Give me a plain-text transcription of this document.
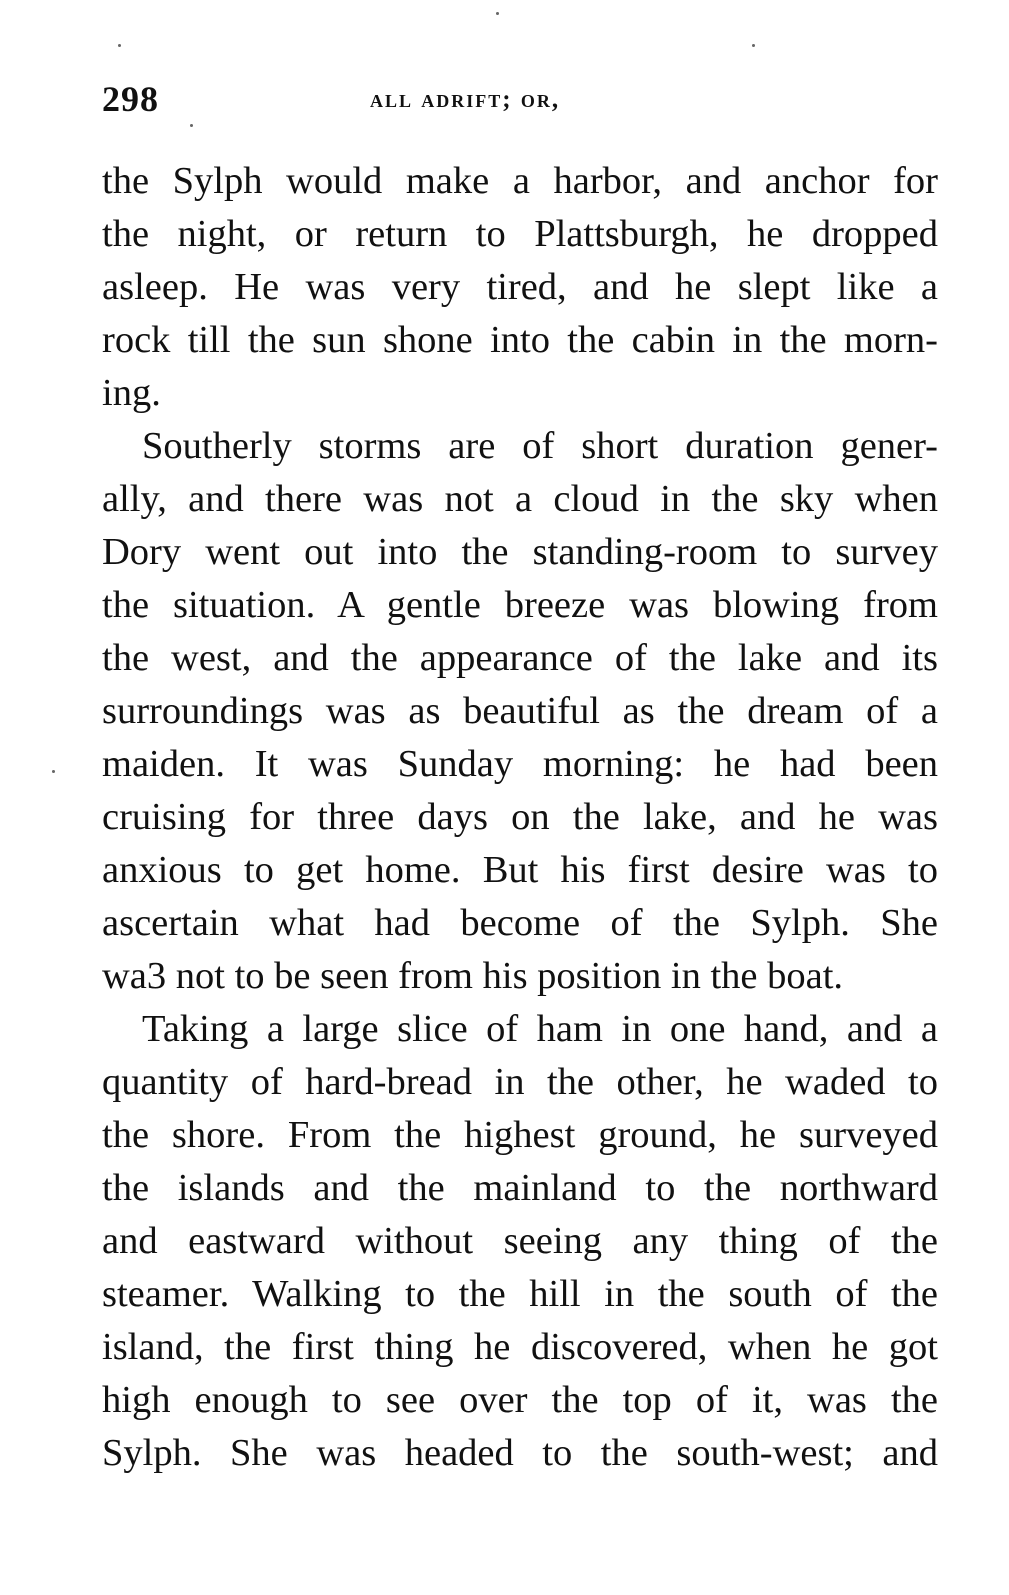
298	all adrift; or,
the Sylph would make a harbor, and anchor for
the night, or return to Plattsburgh, he dropped
asleep. He was very tired, and he slept like a
rock till the sun shone into the cabin in the morn-
ing.
Southerly storms are of short duration gener-
ally, and there was not a cloud in the sky when
Dory went out into the standing-room to survey
the situation. A gentle breeze was blowing from
the west, and the appearance of the lake and its
surroundings was as beautiful as the dream of a
maiden. It was Sunday morning: he had been
cruising for three days on the lake, and he was
anxious to get home. But his first desire was to
ascertain what had become of the Sylph. She
wa3 not to be seen from his position in the boat.
Taking a large slice of ham in one hand, and a
quantity of hard-bread in the other, he waded to
the shore. From the highest ground, he surveyed
the islands and the mainland to the northward
and eastward without seeing any thing of the
steamer. Walking to the hill in the south of the
island, the first thing he discovered, when he got
high enough to see over the top of it, was the
Sylph. She was headed to the south-west; and
